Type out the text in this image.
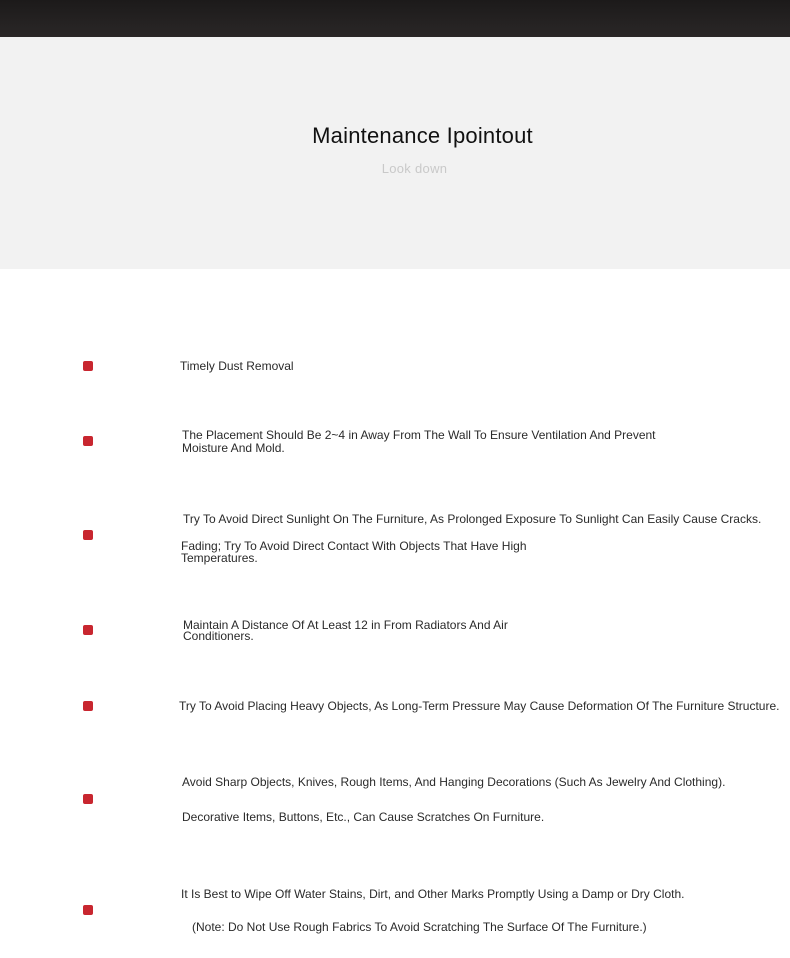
Maintenance Ipointout
Look down
Timely Dust Removal
The Placement Should Be 2~4 in Away From The Wall To Ensure Ventilation And Prevent Moisture And Mold.
Try To Avoid Direct Sunlight On The Furniture, As Prolonged Exposure To Sunlight Can Easily Cause Cracks.
Fading; Try To Avoid Direct Contact With Objects That Have High Temperatures.
Maintain A Distance Of At Least 12 in From Radiators And Air Conditioners.
Try To Avoid Placing Heavy Objects, As Long-Term Pressure May Cause Deformation Of The Furniture Structure.
Avoid Sharp Objects, Knives, Rough Items, And Hanging Decorations (Such As Jewelry And Clothing).
Decorative Items, Buttons, Etc., Can Cause Scratches On Furniture.
It Is Best to Wipe Off Water Stains, Dirt, and Other Marks Promptly Using a Damp or Dry Cloth.
(Note: Do Not Use Rough Fabrics To Avoid Scratching The Surface Of The Furniture.)
